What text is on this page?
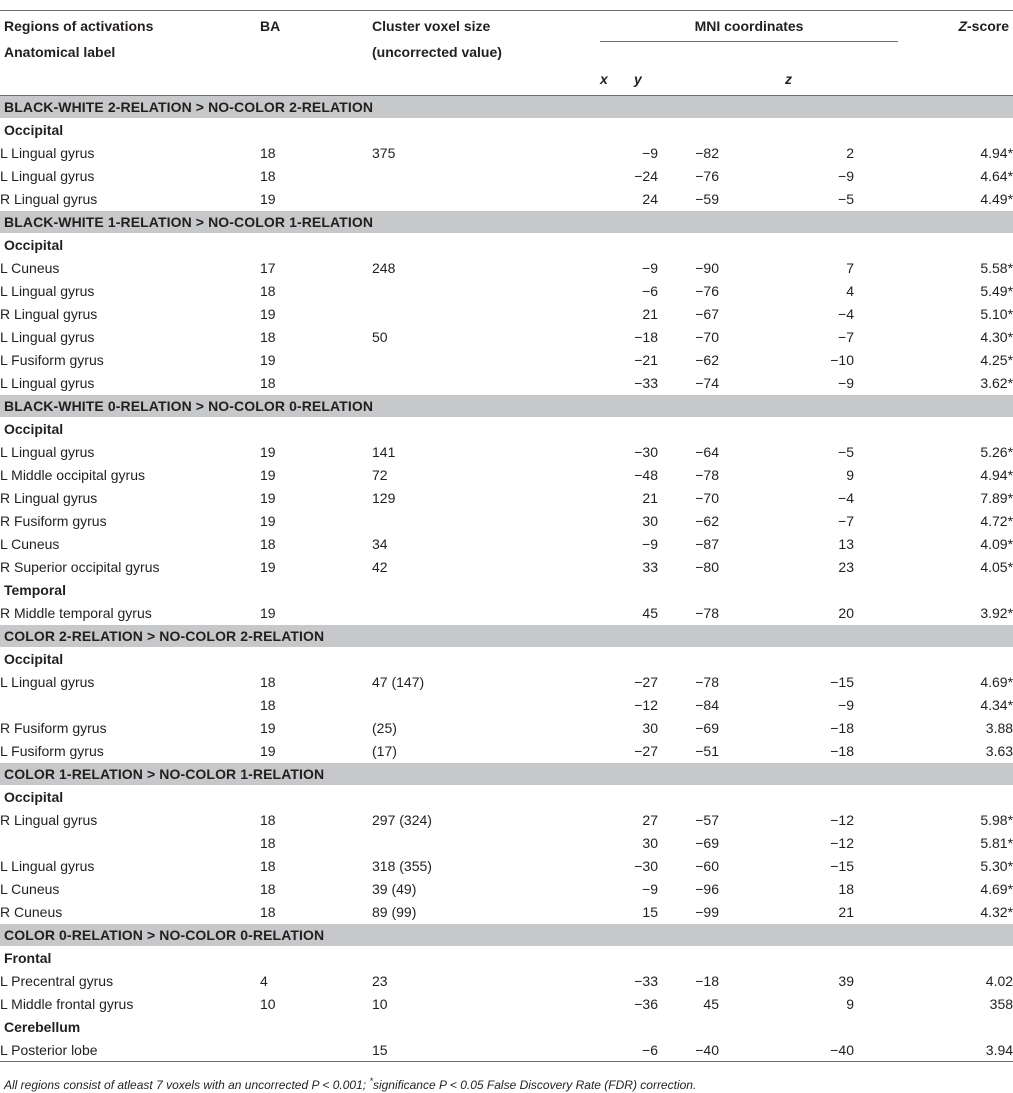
Regions of activations	BA	Cluster voxel size	MNI coordinates				Z-score
Anatomical label		(uncorrected value)				

			x	y	z		
BLACK-WHITE 2-RELATION > NO-COLOR 2-RELATION							
Occipital							
L Lingual gyrus	18	375	−9	−82	2		4.94*
L Lingual gyrus	18		−24	−76	−9		4.64*
R Lingual gyrus	19		24	−59	−5		4.49*
BLACK-WHITE 1-RELATION > NO-COLOR 1-RELATION							
Occipital							
L Cuneus	17	248	−9	−90	7		5.58*
L Lingual gyrus	18		−6	−76	4		5.49*
R Lingual gyrus	19		21	−67	−4		5.10*
L Lingual gyrus	18	50	−18	−70	−7		4.30*
L Fusiform gyrus	19		−21	−62	−10		4.25*
L Lingual gyrus	18		−33	−74	−9		3.62*
BLACK-WHITE 0-RELATION > NO-COLOR 0-RELATION							
Occipital							
L Lingual gyrus	19	141	−30	−64	−5		5.26*
L Middle occipital gyrus	19	72	−48	−78	9		4.94*
R Lingual gyrus	19	129	21	−70	−4		7.89*
R Fusiform gyrus	19		30	−62	−7		4.72*
L Cuneus	18	34	−9	−87	13		4.09*
R Superior occipital gyrus	19	42	33	−80	23		4.05*
Temporal							
R Middle temporal gyrus	19		45	−78	20		3.92*
COLOR 2-RELATION > NO-COLOR 2-RELATION							
Occipital							
L Lingual gyrus	18	47 (147)	−27	−78	−15		4.69*
	18		−12	−84	−9		4.34*
R Fusiform gyrus	19	(25)	30	−69	−18		3.88
L Fusiform gyrus	19	(17)	−27	−51	−18		3.63
COLOR 1-RELATION > NO-COLOR 1-RELATION							
Occipital							
R Lingual gyrus	18	297 (324)	27	−57	−12		5.98*
	18		30	−69	−12		5.81*
L Lingual gyrus	18	318 (355)	−30	−60	−15		5.30*
L Cuneus	18	39 (49)	−9	−96	18		4.69*
R Cuneus	18	89 (99)	15	−99	21		4.32*
COLOR 0-RELATION > NO-COLOR 0-RELATION							
Frontal							
L Precentral gyrus	4	23	−33	−18	39		4.02
L Middle frontal gyrus	10	10	−36	45	9		358
Cerebellum							
L Posterior lobe		15	−6	−40	−40		3.94
All regions consist of atleast 7 voxels with an uncorrected P < 0.001; *significance P < 0.05 False Discovery Rate (FDR) correction.
